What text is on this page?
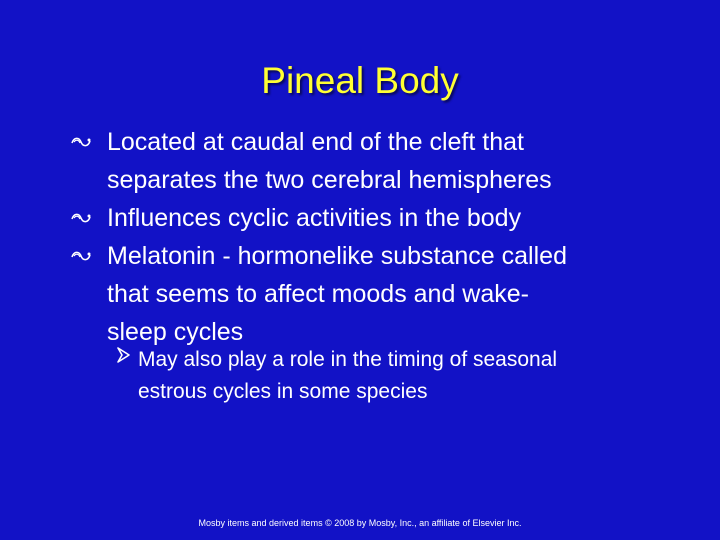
Pineal Body
Located at caudal end of the cleft that
separates the two cerebral hemispheres
Influences cyclic activities in the body
Melatonin - hormonelike substance called
that seems to affect moods and wake-
sleep cycles
May also play a role in the timing of seasonal
estrous cycles in some species
Mosby items and derived items © 2008 by Mosby, Inc., an affiliate of Elsevier Inc.
